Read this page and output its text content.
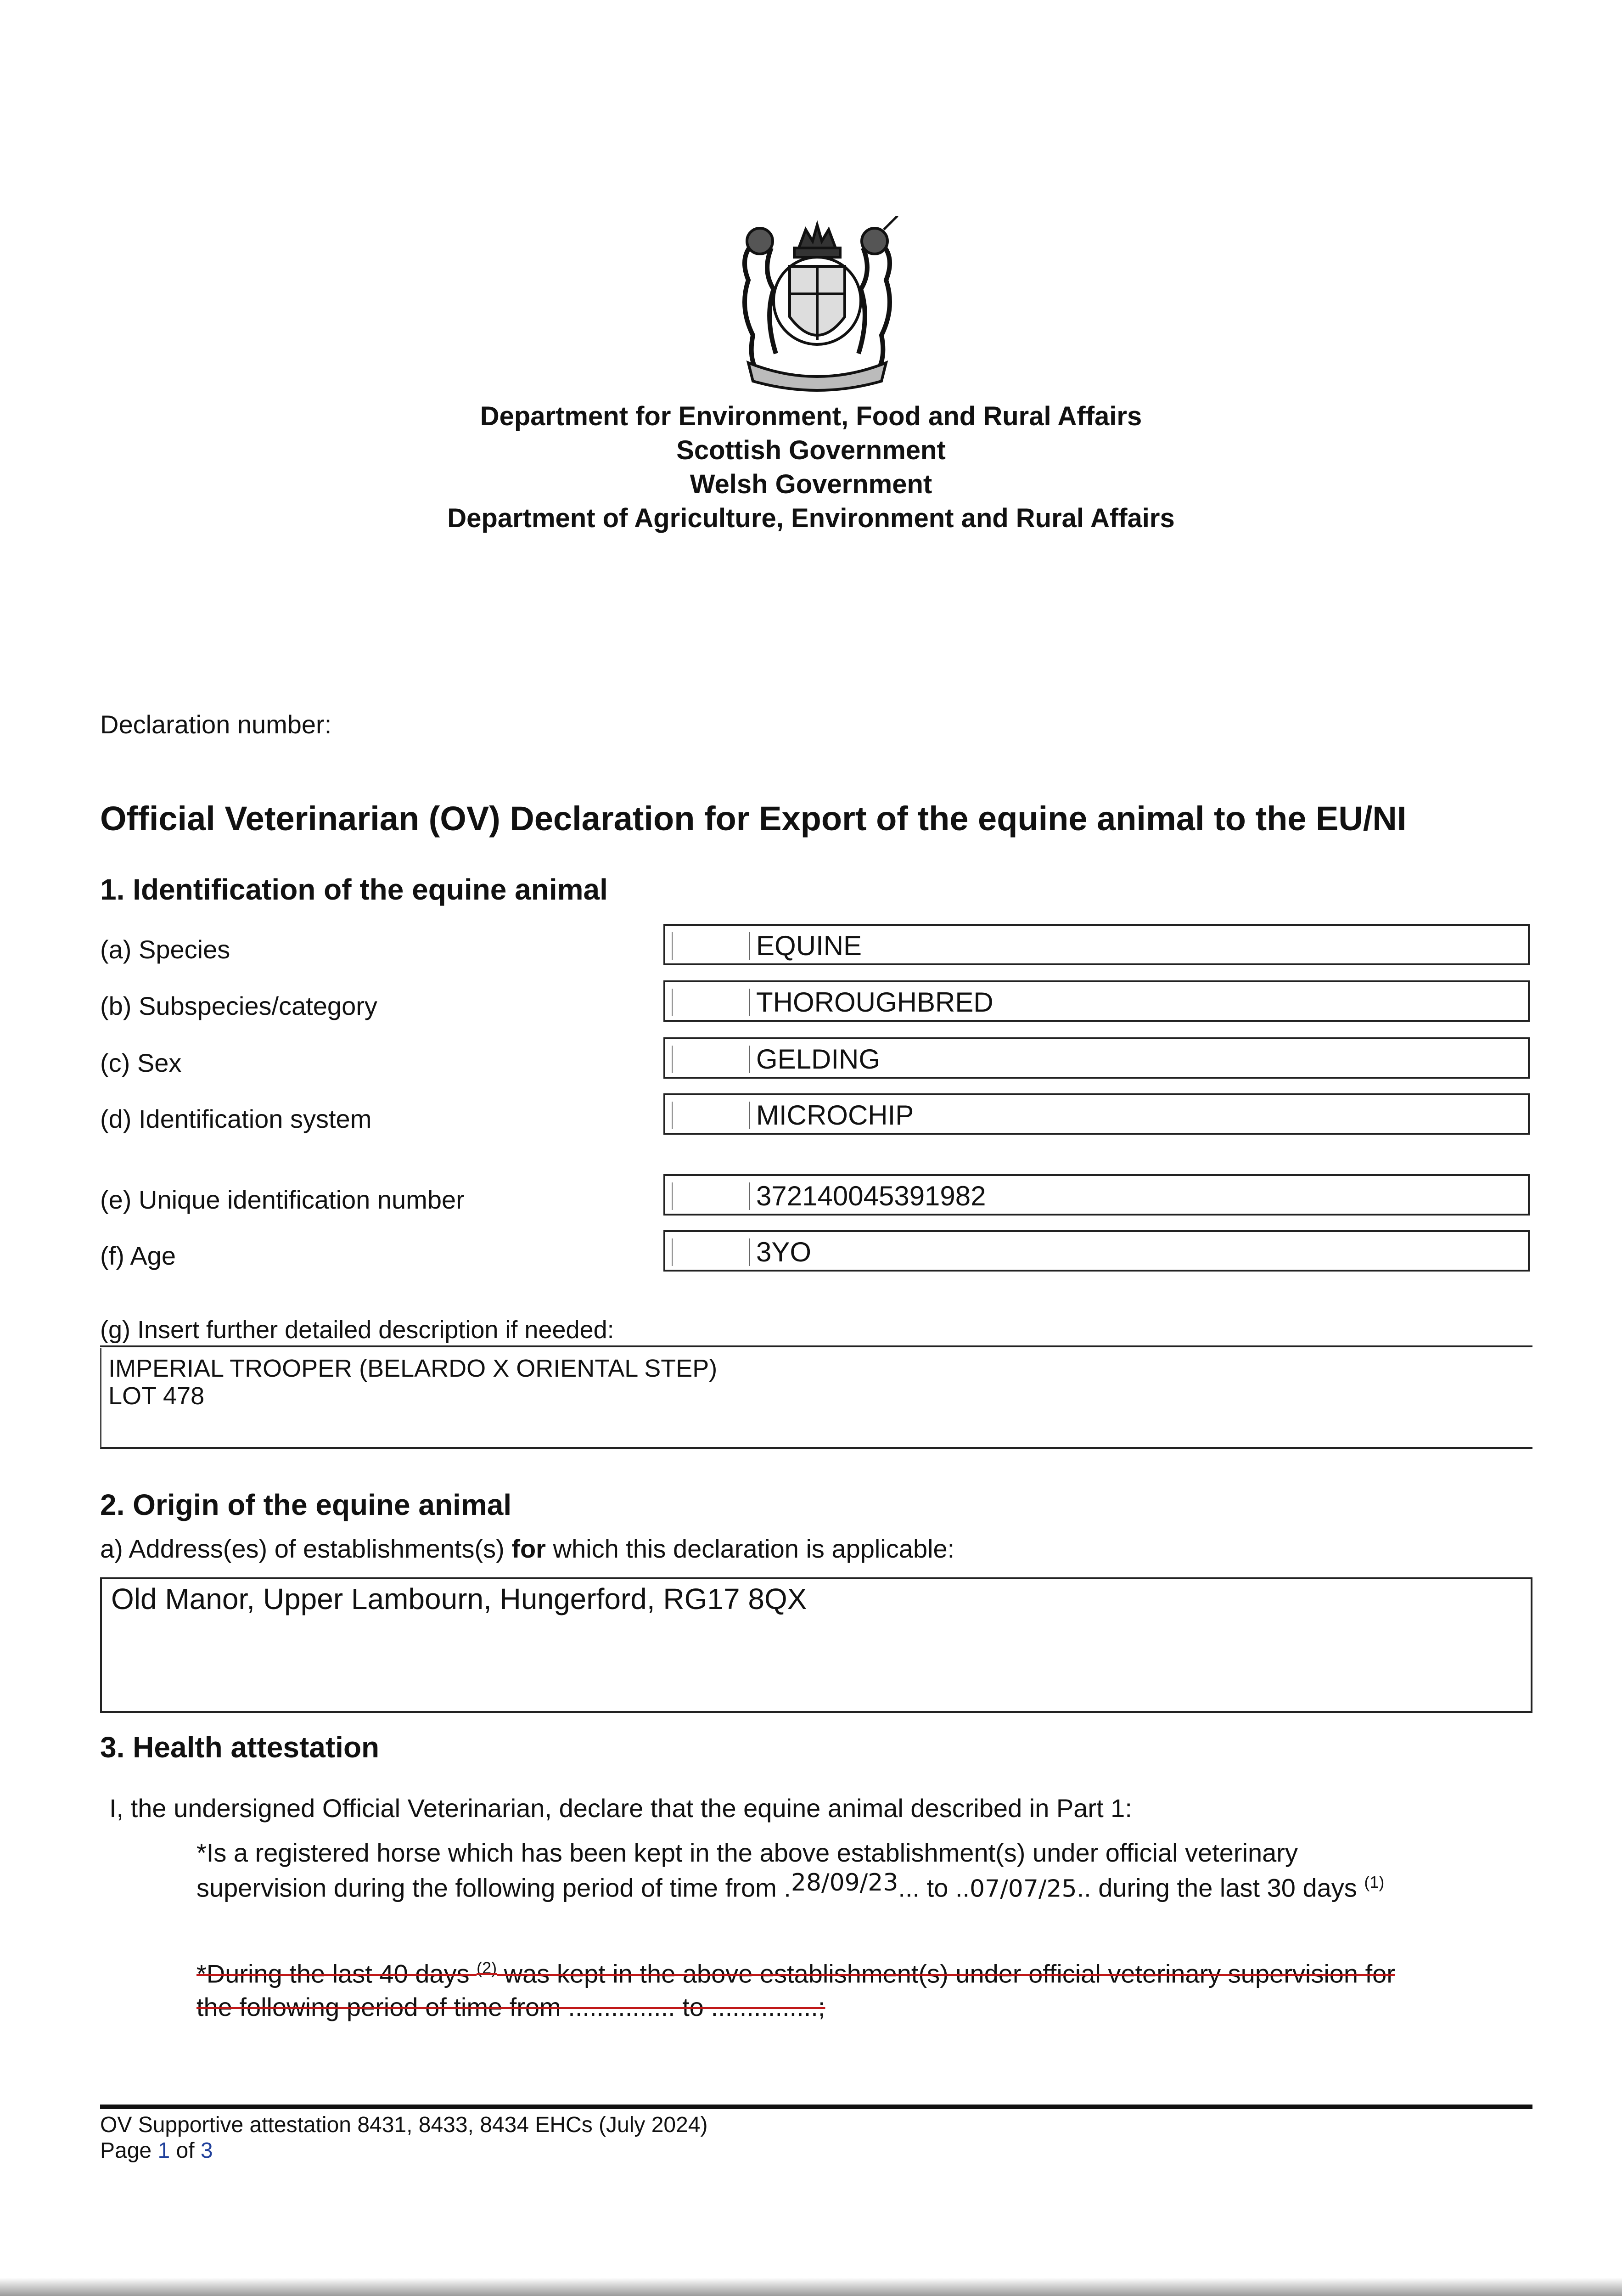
Department for Environment, Food and Rural Affairs
Scottish Government
Welsh Government
Department of Agriculture, Environment and Rural Affairs
Declaration number:
Official Veterinarian (OV) Declaration for Export of the equine animal to the EU/NI
1. Identification of the equine animal
(a) Species	EQUINE
(b) Subspecies/category	THOROUGHBRED
(c) Sex	GELDING
(d) Identification system	MICROCHIP
(e) Unique identification number	372140045391982
(f) Age	3YO
(g) Insert further detailed description if needed:
IMPERIAL TROOPER (BELARDO X ORIENTAL STEP)
LOT 478
2. Origin of the equine animal
a) Address(es) of establishments(s) for which this declaration is applicable:
Old Manor, Upper Lambourn, Hungerford, RG17 8QX
3. Health attestation
I, the undersigned Official Veterinarian, declare that the equine animal described in Part 1:
*Is a registered horse which has been kept in the above establishment(s) under official veterinary
supervision during the following period of time from .28/09/23... to ..07/07/25.. during the last 30 days $^{(1)}$
*During the last 40 days $^{(2)}$ was kept in the above establishment(s) under official veterinary supervision for
the following period of time from ............... to ...............;
OV Supportive attestation 8431, 8433, 8434 EHCs (July 2024)
Page 1 of 3
